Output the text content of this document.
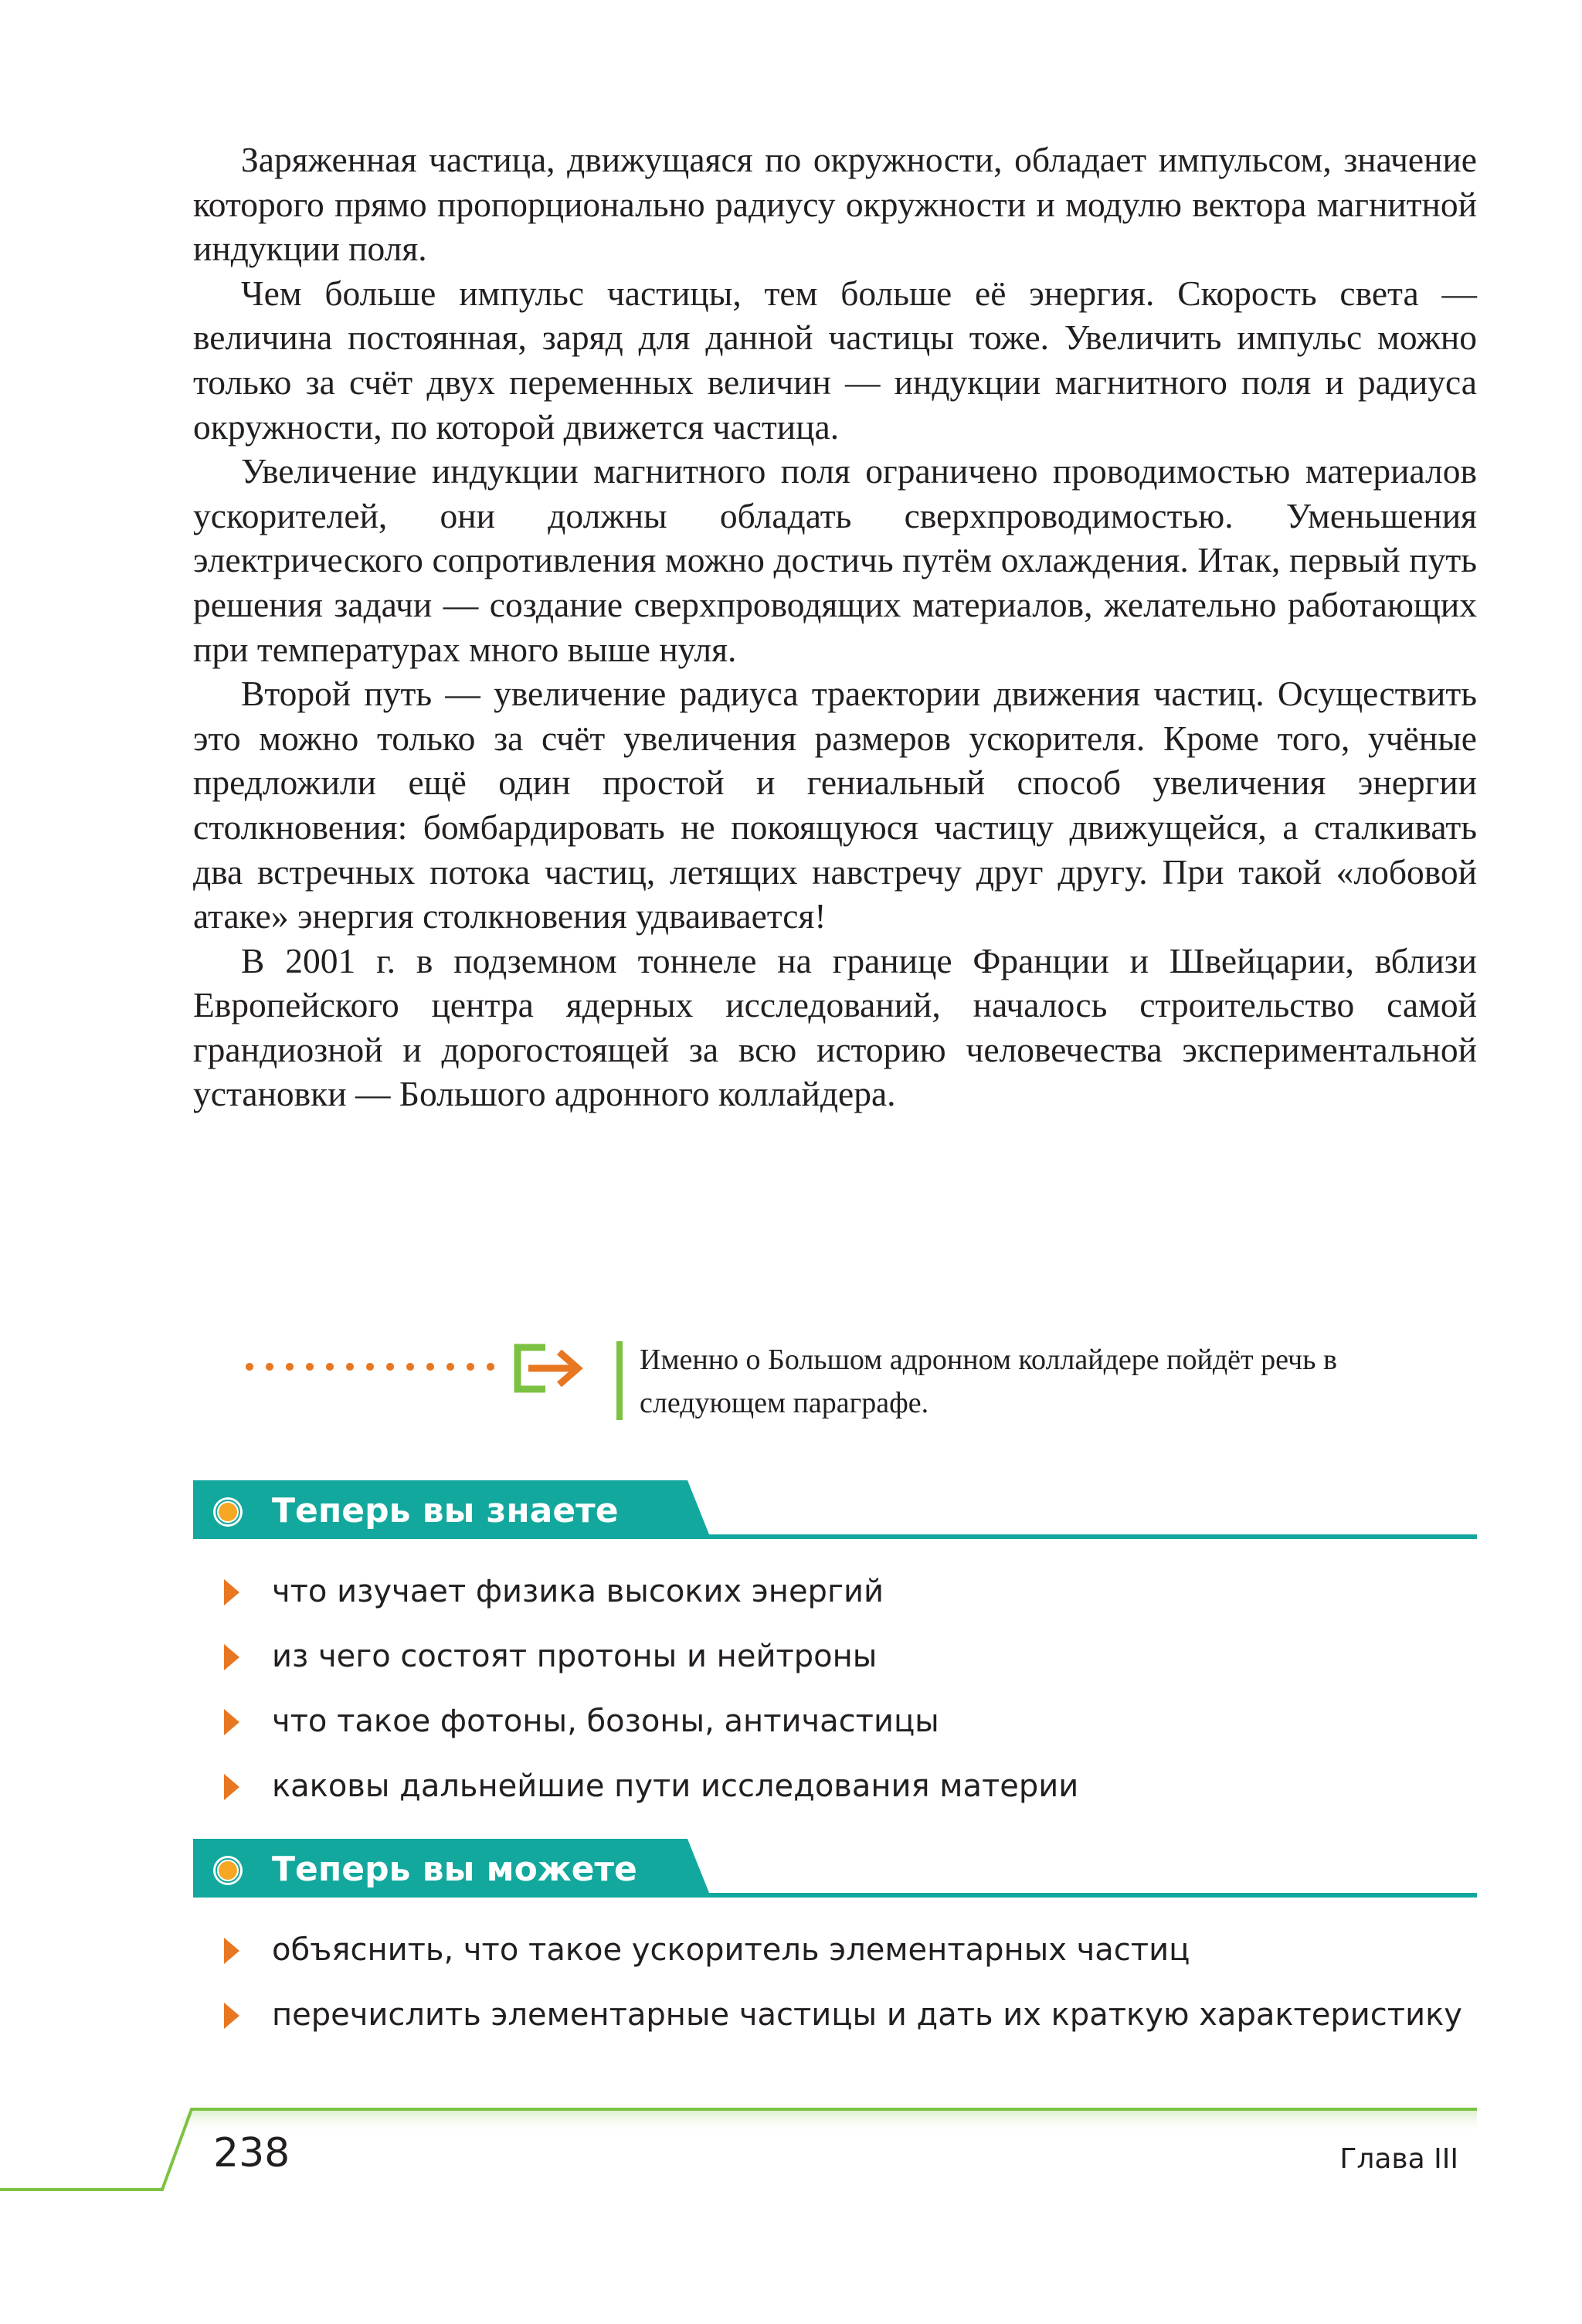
Заряженная частица, движущаяся по окружности, обладает импульсом, значение которого прямо пропорционально радиусу окружности и модулю вектора магнитной индукции поля.

Чем больше импульс частицы, тем больше её энергия. Скорость света — величина постоянная, заряд для данной частицы тоже. Увеличить импульс можно только за счёт двух переменных величин — индукции магнитного поля и радиуса окружности, по которой движется частица.

Увеличение индукции магнитного поля ограничено проводимостью материалов ускорителей, они должны обладать сверхпроводимостью. Уменьшения электрического сопротивления можно достичь путём охлаждения. Итак, первый путь решения задачи — создание сверхпроводящих материалов, желательно работающих при температурах много выше нуля.

Второй путь — увеличение радиуса траектории движения частиц. Осуществить это можно только за счёт увеличения размеров ускорителя. Кроме того, учёные предложили ещё один простой и гениальный способ увеличения энергии столкновения: бомбардировать не покоящуюся частицу движущейся, а сталкивать два встречных потока частиц, летящих навстречу друг другу. При такой «лобовой атаке» энергия столкновения удваивается!

В 2001 г. в подземном тоннеле на границе Франции и Швейцарии, вблизи Европейского центра ядерных исследований, началось строительство самой грандиозной и дорогостоящей за всю историю человечества экспериментальной установки — Большого адронного коллайдера.

Именно о Большом адронном коллайдере пойдёт речь в следующем параграфе.
Теперь вы знаете
что изучает физика высоких энергий
из чего состоят протоны и нейтроны
что такое фотоны, бозоны, античастицы
каковы дальнейшие пути исследования материи
Теперь вы можете
объяснить, что такое ускоритель элементарных частиц
перечислить элементарные частицы и дать их краткую характеристику
238	Глава III
